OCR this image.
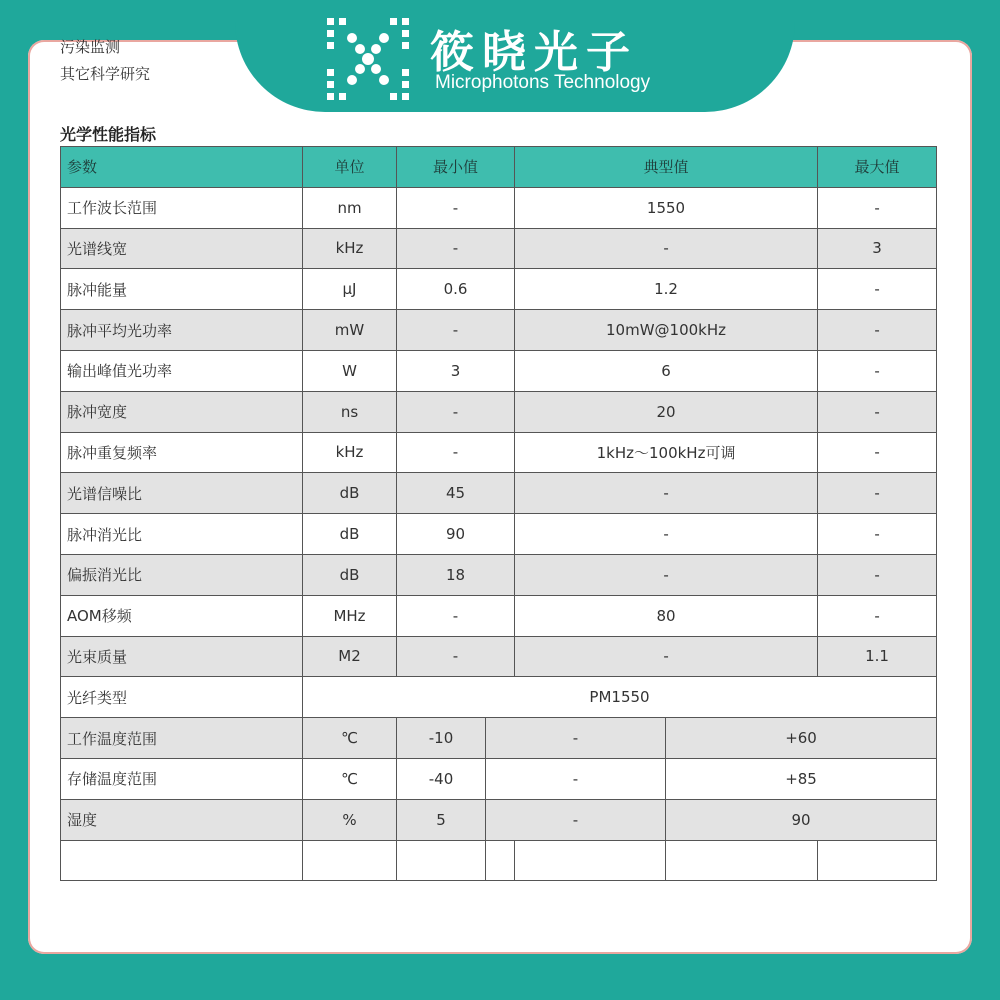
筱晓光子
Microphotons Technology
污染监测
其它科学研究
光学性能指标
参数	单位	最小值		典型值		最大值
工作波长范围	nm	-		1550		-
光谱线宽	kHz	-		-		3
脉冲能量	μJ	0.6		1.2		-
脉冲平均光功率	mW	-		10mW@100kHz		-
输出峰值光功率	W	3		6		-
脉冲宽度	ns	-		20		-
脉冲重复频率	kHz	-		1kHz～100kHz可调		-
光谱信噪比	dB	45		-		-
脉冲消光比	dB	90		-		-
偏振消光比	dB	18		-		-
AOM移频	MHz	-		80		-
光束质量	M2	-		-		1.1
光纤类型	PM1550					
工作温度范围	℃	-10	-		+60	
存储温度范围	℃	-40	-		+85	
湿度	%	5	-		90	
